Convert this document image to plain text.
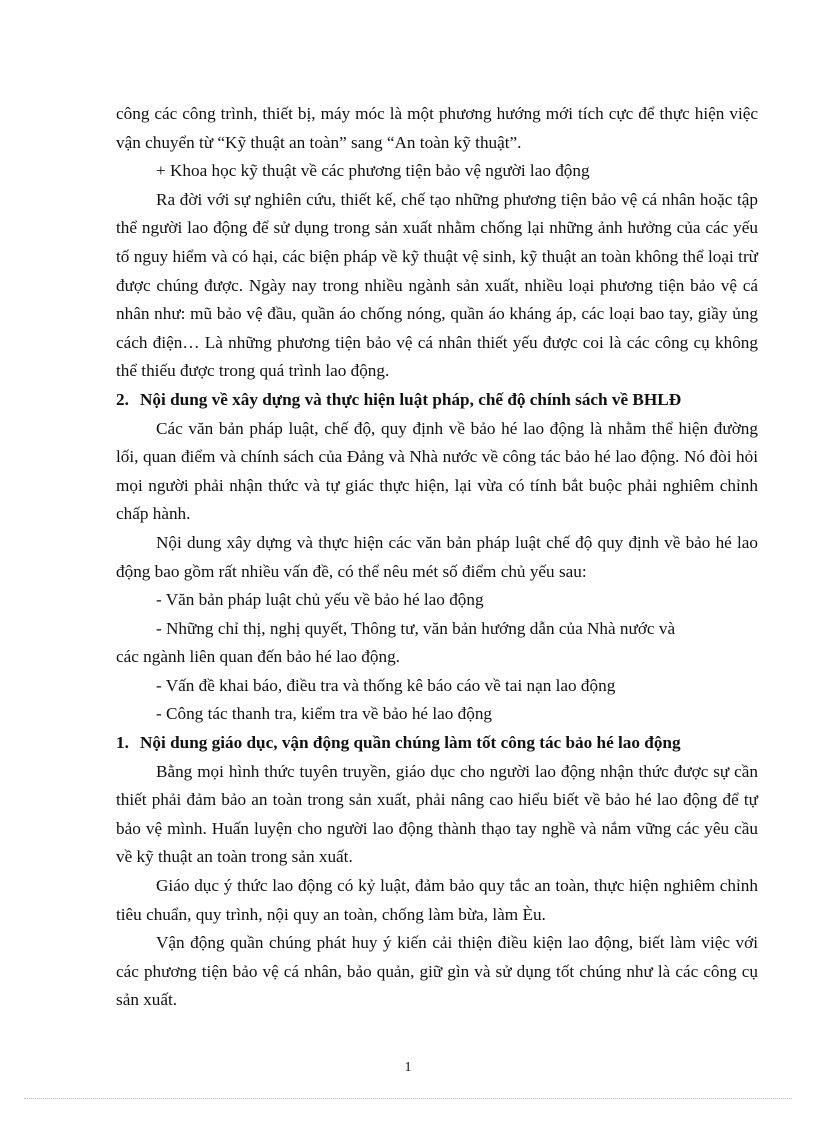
công các công trình, thiết bị, máy móc là một phương hướng mới tích cực để thực hiện việc vận chuyển từ “Kỹ thuật an toàn” sang “An toàn kỹ thuật”.

+ Khoa học kỹ thuật về các phương tiện bảo vệ người lao động

Ra đời với sự nghiên cứu, thiết kế, chế tạo những phương tiện bảo vệ cá nhân hoặc tập thể người lao động để sử dụng trong sản xuất nhằm chống lại những ảnh hưởng của các yếu tố nguy hiểm và có hại, các biện pháp về kỹ thuật vệ sinh, kỹ thuật an toàn không thể loại trừ được chúng được. Ngày nay trong nhiều ngành sản xuất, nhiều loại phương tiện bảo vệ cá nhân như: mũ bảo vệ đầu, quần áo chống nóng, quần áo kháng áp, các loại bao tay, giầy ủng cách điện… Là những phương tiện bảo vệ cá nhân thiết yếu được coi là các công cụ không thể thiếu được trong quá trình lao động.

2. Nội dung về xây dựng và thực hiện luật pháp, chế độ chính sách về BHLĐ

Các văn bản pháp luật, chế độ, quy định về bảo hé lao động là nhằm thể hiện đường lối, quan điểm và chính sách của Đảng và Nhà nước về công tác bảo hé lao động. Nó đòi hỏi mọi người phải nhận thức và tự giác thực hiện, lại vừa có tính bắt buộc phải nghiêm chỉnh chấp hành.

Nội dung xây dựng và thực hiện các văn bản pháp luật chế độ quy định về bảo hé lao động bao gồm rất nhiều vấn đề, có thể nêu mét số điểm chủ yếu sau:

- Văn bản pháp luật chủ yếu về bảo hé lao động

- Những chỉ thị, nghị quyết, Thông tư, văn bản hướng dẫn của Nhà nước và

các ngành liên quan đến bảo hé lao động.

- Vấn đề khai báo, điều tra và thống kê báo cáo về tai nạn lao động

- Công tác thanh tra, kiểm tra về bảo hé lao động

1. Nội dung giáo dục, vận động quần chúng làm tốt công tác bảo hé lao động

Bằng mọi hình thức tuyên truyền, giáo dục cho người lao động nhận thức được sự cần thiết phải đảm bảo an toàn trong sản xuất, phải nâng cao hiểu biết về bảo hé lao động để tự bảo vệ mình. Huấn luyện cho người lao động thành thạo tay nghề và nắm vững các yêu cầu về kỹ thuật an toàn trong sản xuất.

Giáo dục ý thức lao động có kỷ luật, đảm bảo quy tắc an toàn, thực hiện nghiêm chỉnh tiêu chuẩn, quy trình, nội quy an toàn, chống làm bừa, làm Èu.

Vận động quần chúng phát huy ý kiến cải thiện điều kiện lao động, biết làm việc với các phương tiện bảo vệ cá nhân, bảo quản, giữ gìn và sử dụng tốt chúng như là các công cụ sản xuất.

1
